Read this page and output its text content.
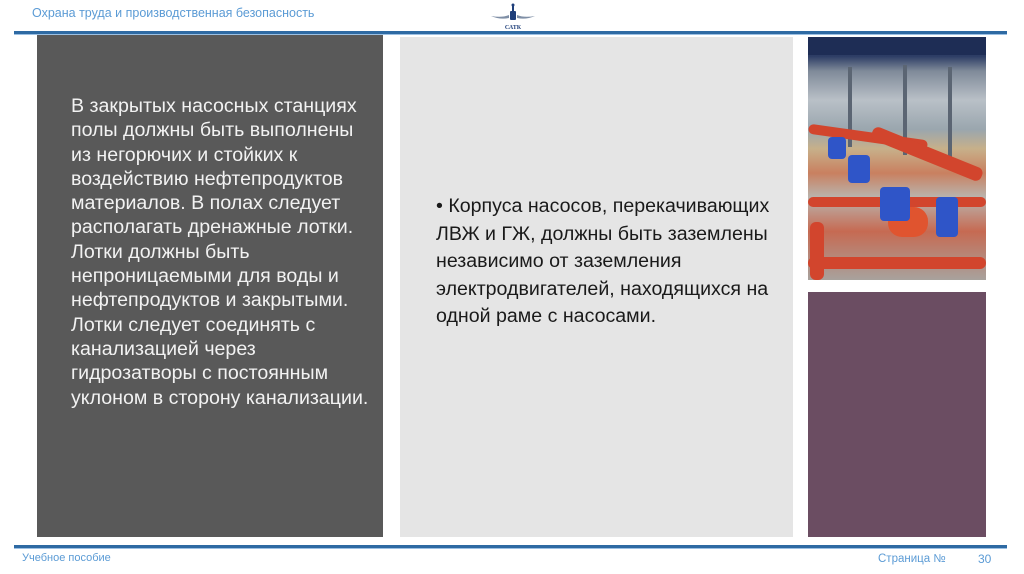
Охрана труда и производственная безопасность
САТК
В закрытых насосных станциях полы должны быть выполнены из негорючих и стойких к воздействию нефтепродуктов материалов. В полах следует располагать дренажные лотки. Лотки должны быть непроницаемыми для воды и нефтепродуктов и закрытыми. Лотки следует соединять с канализацией через гидрозатворы с постоянным уклоном в сторону канализации.
• Корпуса насосов, перекачивающих ЛВЖ и ГЖ, должны быть заземлены независимо от заземления электродвигателей, находящихся на одной раме с насосами.
Учебное пособие	Страница №	30
